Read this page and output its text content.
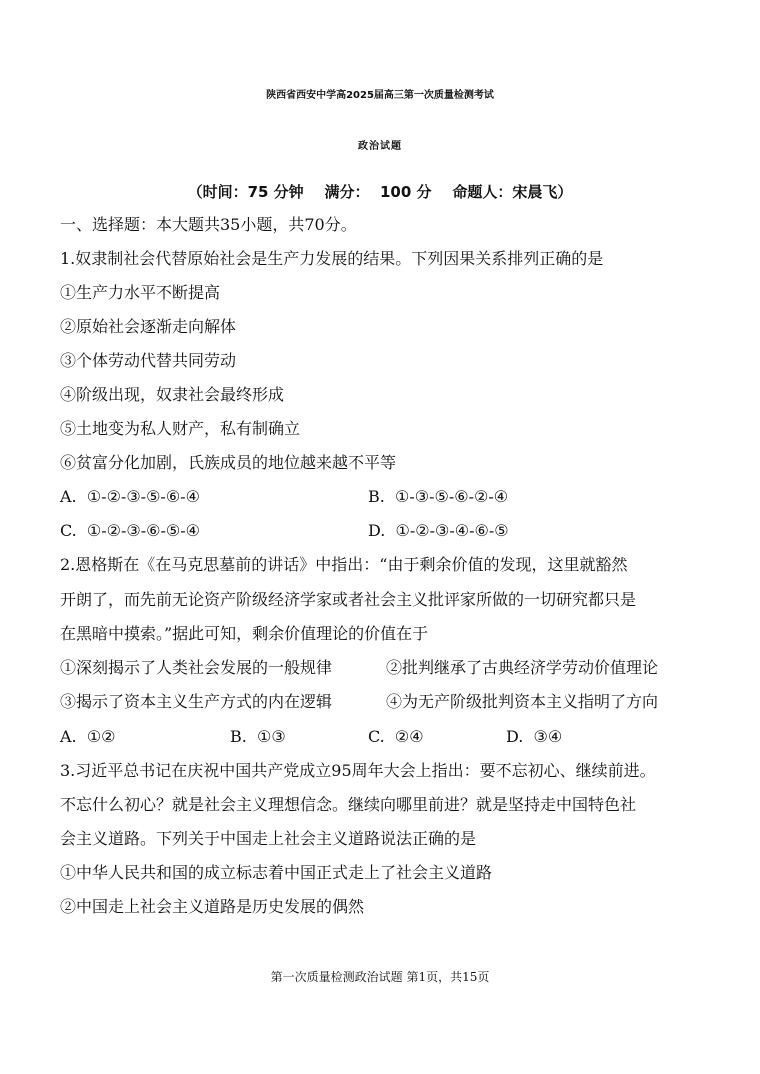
陕西省西安中学高2025届高三第一次质量检测考试
政治试题
（时间：75 分钟    满分：  100 分    命题人：宋晨飞）
一、选择题：本大题共35小题，共70分。
1.奴隶制社会代替原始社会是生产力发展的结果。下列因果关系排列正确的是
①生产力水平不断提高
②原始社会逐渐走向解体
③个体劳动代替共同劳动
④阶级出现，奴隶社会最终形成
⑤土地变为私人财产，私有制确立
⑥贫富分化加剧，氏族成员的地位越来越不平等
A.  ①-②-③-⑤-⑥-④	B.  ①-③-⑤-⑥-②-④
C.  ①-②-③-⑥-⑤-④	D.  ①-②-③-④-⑥-⑤
2.恩格斯在《在马克思墓前的讲话》中指出：“由于剩余价值的发现，这里就豁然
开朗了，而先前无论资产阶级经济学家或者社会主义批评家所做的一切研究都只是
在黑暗中摸索。”据此可知，剩余价值理论的价值在于
①深刻揭示了人类社会发展的一般规律	②批判继承了古典经济学劳动价值理论
③揭示了资本主义生产方式的内在逻辑	④为无产阶级批判资本主义指明了方向
A.  ①②	B.  ①③	C.  ②④	D.  ③④
3.习近平总书记在庆祝中国共产党成立95周年大会上指出：要不忘初心、继续前进。
不忘什么初心？就是社会主义理想信念。继续向哪里前进？就是坚持走中国特色社
会主义道路。下列关于中国走上社会主义道路说法正确的是
①中华人民共和国的成立标志着中国正式走上了社会主义道路
②中国走上社会主义道路是历史发展的偶然
第一次质量检测政治试题 第1页，共15页
